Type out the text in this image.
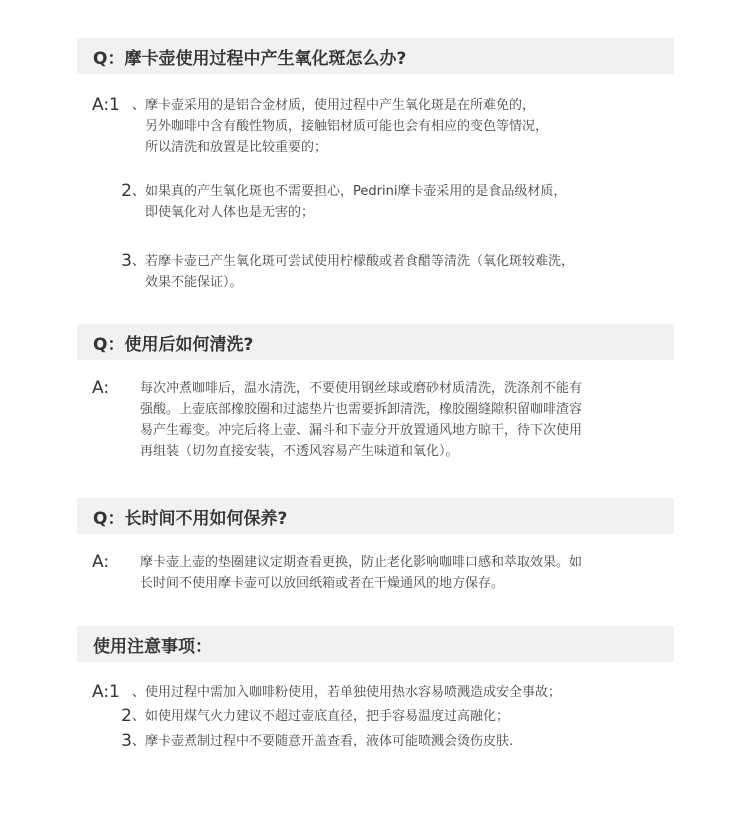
Q：摩卡壶使用过程中产生氧化斑怎么办?
A:1 、 摩卡壶采用的是铝合金材质，使用过程中产生氧化斑是在所难免的，
另外咖啡中含有酸性物质，接触铝材质可能也会有相应的变色等情况，
所以清洗和放置是比较重要的；
2 、 如果真的产生氧化斑也不需要担心，Pedrini摩卡壶采用的是食品级材质，
即使氧化对人体也是无害的；
3 、 若摩卡壶已产生氧化斑可尝试使用柠檬酸或者食醋等清洗（氧化斑较难洗，
效果不能保证）。
Q：使用后如何清洗?
A:	每次冲煮咖啡后，温水清洗，不要使用钢丝球或磨砂材质清洗，洗涤剂不能有
强酸。上壶底部橡胶圈和过滤垫片也需要拆卸清洗，橡胶圈缝隙积留咖啡渣容
易产生霉变。冲完后将上壶、漏斗和下壶分开放置通风地方晾干，待下次使用
再组装（切勿直接安装，不透风容易产生味道和氧化）。
Q：长时间不用如何保养?
A:	摩卡壶上壶的垫圈建议定期查看更换，防止老化影响咖啡口感和萃取效果。如
长时间不使用摩卡壶可以放回纸箱或者在干燥通风的地方保存。
使用注意事项：
A:1 、 使用过程中需加入咖啡粉使用，若单独使用热水容易喷溅造成安全事故；
2 、 如使用煤气火力建议不超过壶底直径，把手容易温度过高融化；
3 、 摩卡壶煮制过程中不要随意开盖查看，液体可能喷溅会烫伤皮肤.
